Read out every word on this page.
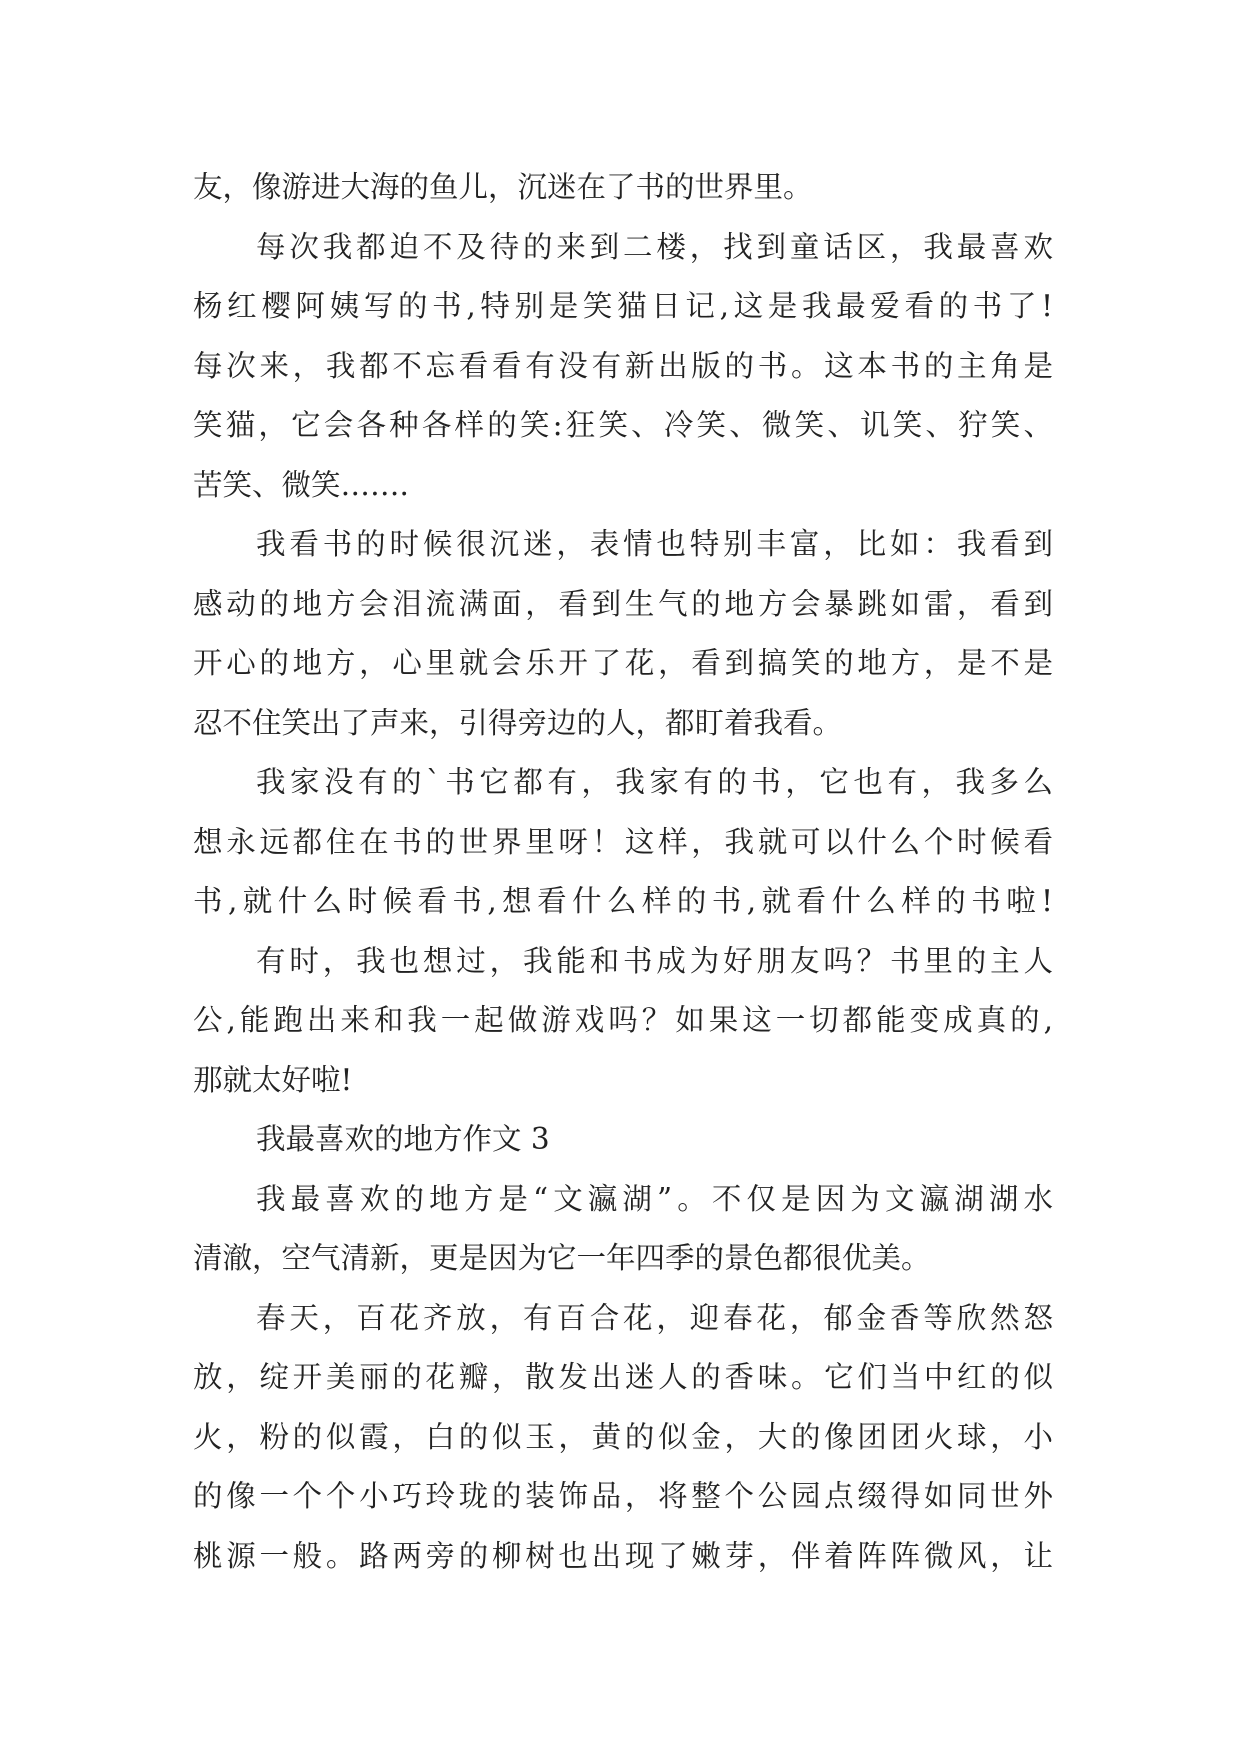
友，像游进大海的鱼儿，沉迷在了书的世界里。
每次我都迫不及待的来到二楼，找到童话区，我最喜欢
杨红樱阿姨写的书,特别是笑猫日记,这是我最爱看的书了!
每次来，我都不忘看看有没有新出版的书。这本书的主角是
笑猫，它会各种各样的笑:狂笑、冷笑、微笑、讥笑、狞笑、
苦笑、微笑…….
我看书的时候很沉迷，表情也特别丰富，比如：我看到
感动的地方会泪流满面，看到生气的地方会暴跳如雷，看到
开心的地方，心里就会乐开了花，看到搞笑的地方，是不是
忍不住笑出了声来，引得旁边的人，都盯着我看。
我家没有的`书它都有，我家有的书，它也有，我多么
想永远都住在书的世界里呀！这样，我就可以什么个时候看
书,就什么时候看书,想看什么样的书,就看什么样的书啦!
有时，我也想过，我能和书成为好朋友吗？书里的主人
公,能跑出来和我一起做游戏吗？如果这一切都能变成真的,
那就太好啦!
我最喜欢的地方作文 3
我最喜欢的地方是“文瀛湖”。不仅是因为文瀛湖湖水
清澈，空气清新，更是因为它一年四季的景色都很优美。
春天，百花齐放，有百合花，迎春花，郁金香等欣然怒
放，绽开美丽的花瓣，散发出迷人的香味。它们当中红的似
火，粉的似霞，白的似玉，黄的似金，大的像团团火球，小
的像一个个小巧玲珑的装饰品，将整个公园点缀得如同世外
桃源一般。路两旁的柳树也出现了嫩芽，伴着阵阵微风，让
